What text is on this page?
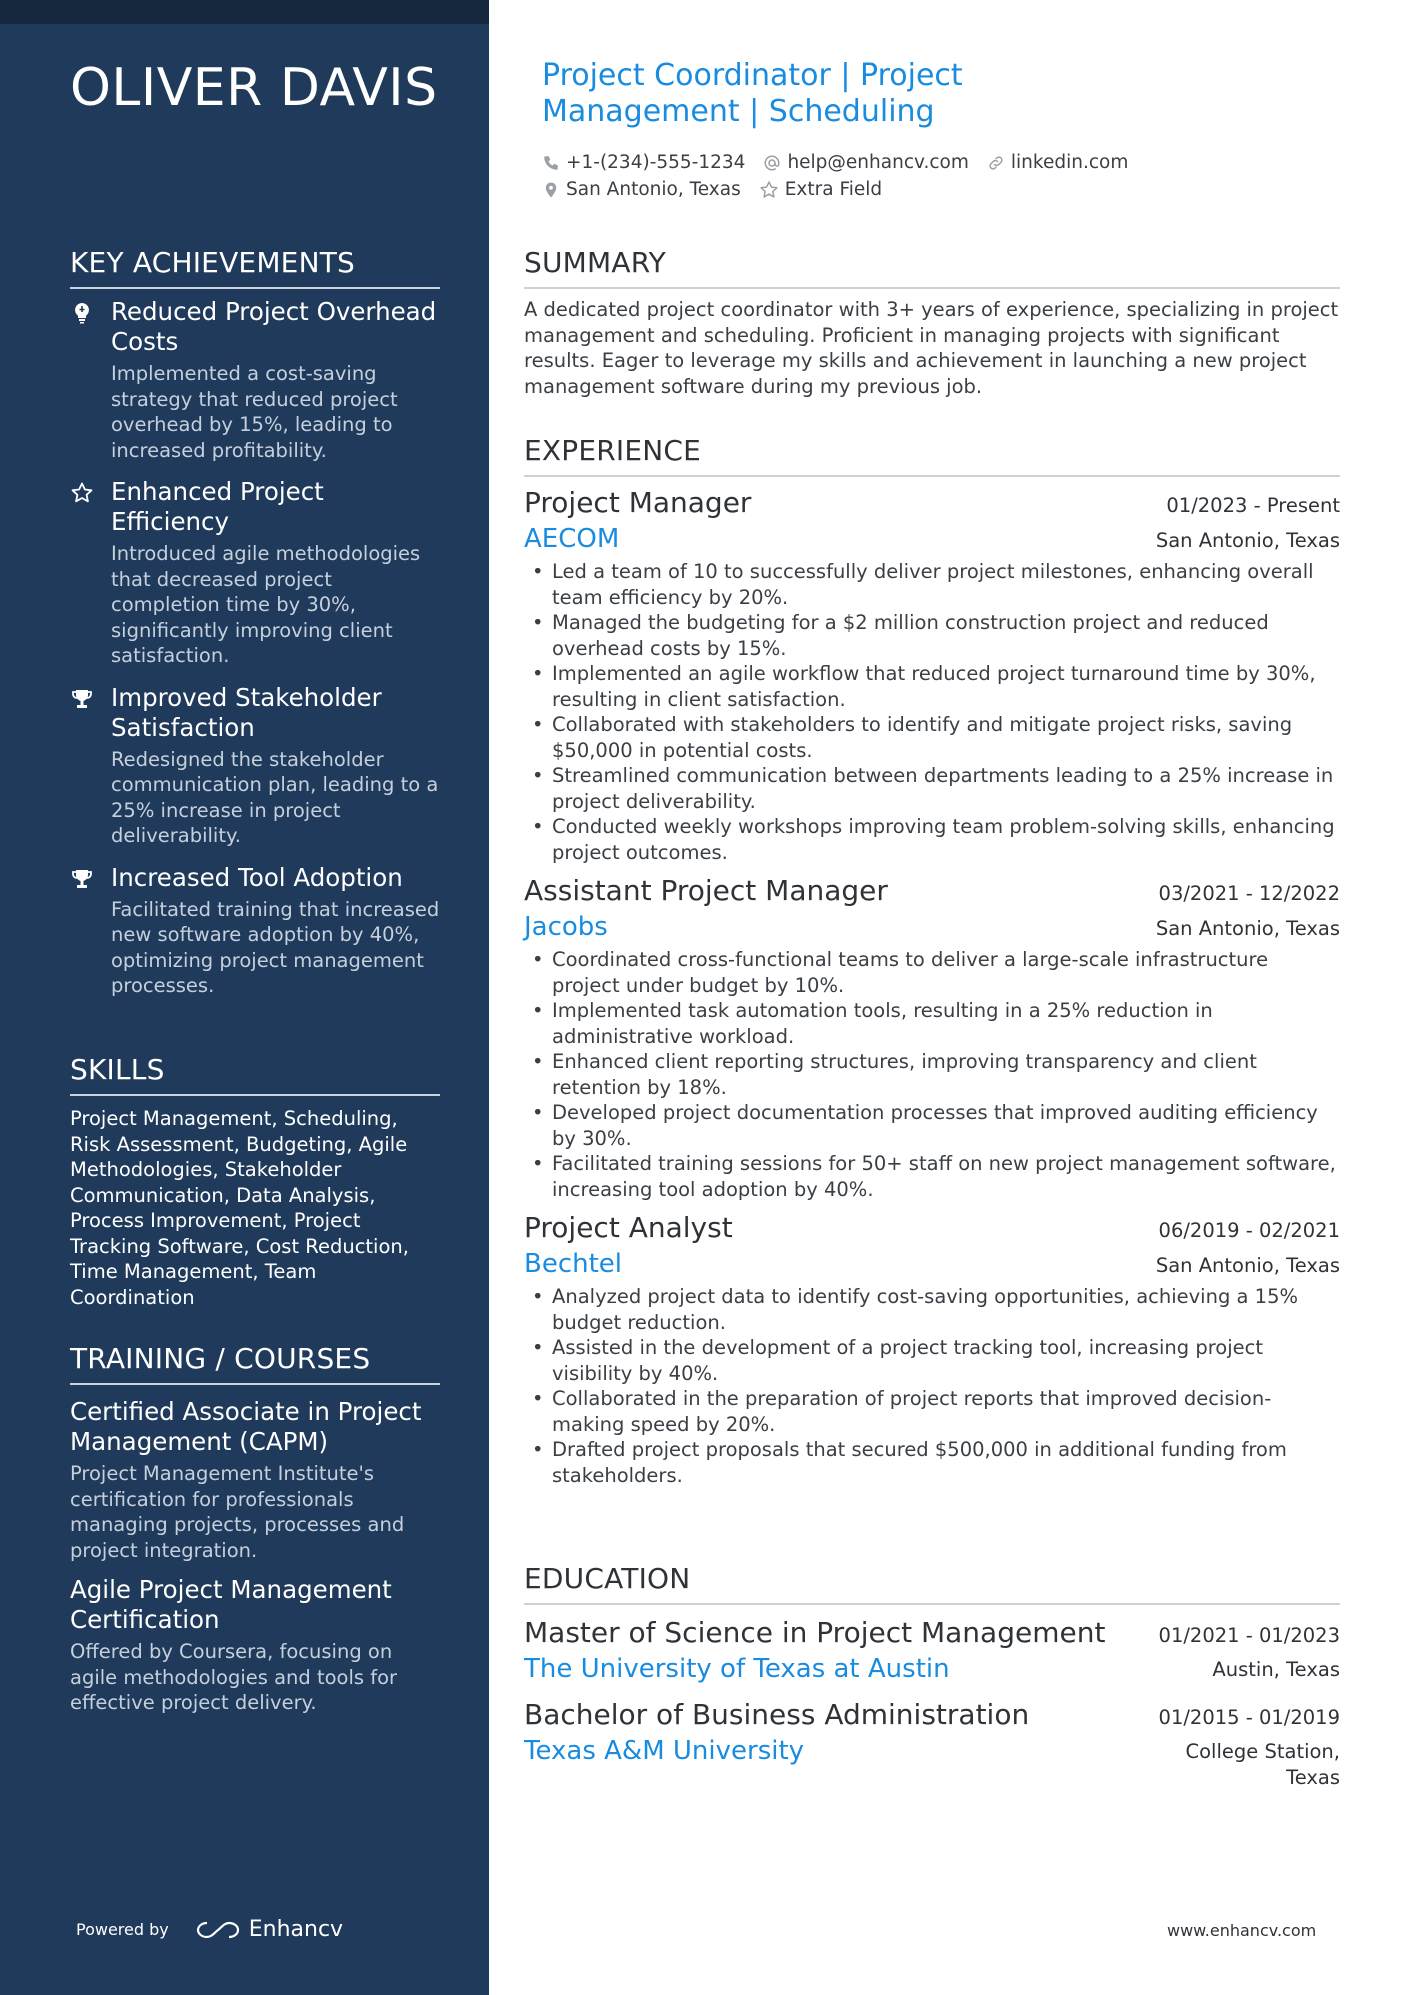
OLIVER DAVIS
KEY ACHIEVEMENTS
Reduced Project Overhead Costs
Implemented a cost-saving strategy that reduced project overhead by 15%, leading to increased profitability.
Enhanced Project Efficiency
Introduced agile methodologies that decreased project completion time by 30%, significantly improving client satisfaction.
Improved Stakeholder Satisfaction
Redesigned the stakeholder communication plan, leading to a 25% increase in project deliverability.
Increased Tool Adoption
Facilitated training that increased new software adoption by 40%, optimizing project management processes.
SKILLS
Project Management, Scheduling, Risk Assessment, Budgeting, Agile Methodologies, Stakeholder Communication, Data Analysis, Process Improvement, Project Tracking Software, Cost Reduction, Time Management, Team Coordination
TRAINING / COURSES
Certified Associate in Project Management (CAPM)
Project Management Institute's certification for professionals managing projects, processes and project integration.
Agile Project Management Certification
Offered by Coursera, focusing on agile methodologies and tools for effective project delivery.
Powered by	Enhancv
Project Coordinator | Project Management | Scheduling
+1-(234)-555-1234 help@enhancv.com linkedin.com
San Antonio, Texas Extra Field
SUMMARY
A dedicated project coordinator with 3+ years of experience, specializing in project management and scheduling. Proficient in managing projects with significant results. Eager to leverage my skills and achievement in launching a new project management software during my previous job.
EXPERIENCE
Project Manager	01/2023 - Present
AECOM	San Antonio, Texas
• Led a team of 10 to successfully deliver project milestones, enhancing overall team efficiency by 20%.
• Managed the budgeting for a $2 million construction project and reduced overhead costs by 15%.
• Implemented an agile workflow that reduced project turnaround time by 30%, resulting in client satisfaction.
• Collaborated with stakeholders to identify and mitigate project risks, saving $50,000 in potential costs.
• Streamlined communication between departments leading to a 25% increase in project deliverability.
• Conducted weekly workshops improving team problem-solving skills, enhancing project outcomes.
Assistant Project Manager	03/2021 - 12/2022
Jacobs	San Antonio, Texas
• Coordinated cross-functional teams to deliver a large-scale infrastructure project under budget by 10%.
• Implemented task automation tools, resulting in a 25% reduction in administrative workload.
• Enhanced client reporting structures, improving transparency and client retention by 18%.
• Developed project documentation processes that improved auditing efficiency by 30%.
• Facilitated training sessions for 50+ staff on new project management software, increasing tool adoption by 40%.
Project Analyst	06/2019 - 02/2021
Bechtel	San Antonio, Texas
• Analyzed project data to identify cost-saving opportunities, achieving a 15% budget reduction.
• Assisted in the development of a project tracking tool, increasing project visibility by 40%.
• Collaborated in the preparation of project reports that improved decision-making speed by 20%.
• Drafted project proposals that secured $500,000 in additional funding from stakeholders.
EDUCATION
Master of Science in Project Management	01/2021 - 01/2023
The University of Texas at Austin	Austin, Texas
Bachelor of Business Administration	01/2015 - 01/2019
Texas A&M University	College Station, Texas
www.enhancv.com
